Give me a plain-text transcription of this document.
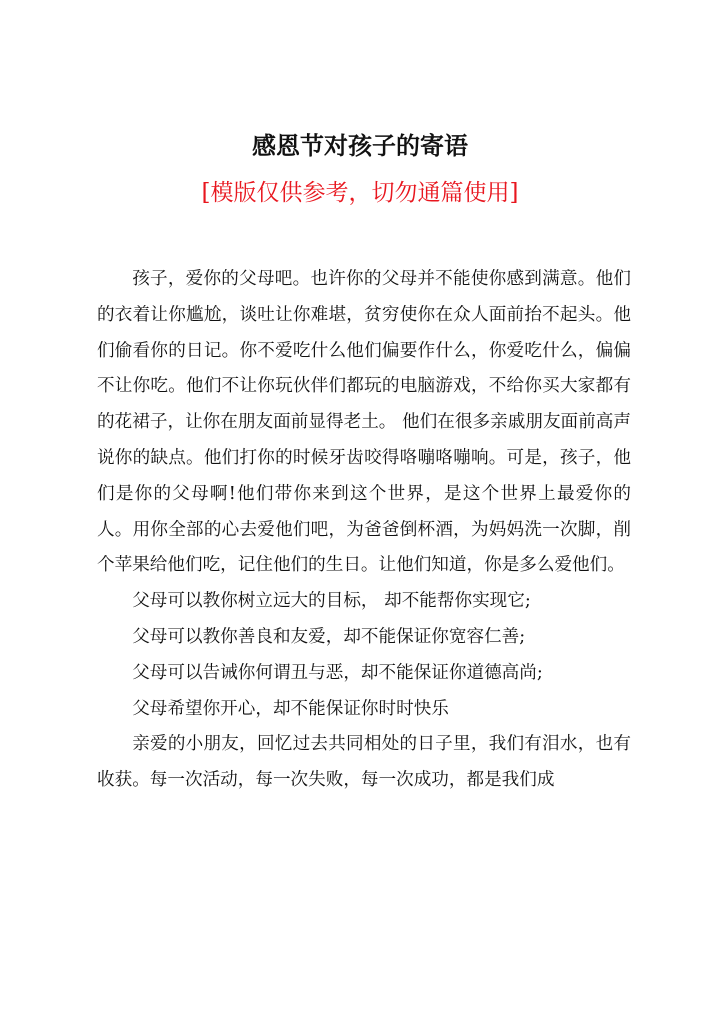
感恩节对孩子的寄语

[模版仅供参考，切勿通篇使用]

孩子，爱你的父母吧。也许你的父母并不能使你感到满意。他们的衣着让你尴尬，谈吐让你难堪，贫穷使你在众人面前抬不起头。他们偷看你的日记。你不爱吃什么他们偏要作什么，你爱吃什么，偏偏不让你吃。他们不让你玩伙伴们都玩的电脑游戏，不给你买大家都有的花裙子，让你在朋友面前显得老土。 他们在很多亲戚朋友面前高声说你的缺点。他们打你的时候牙齿咬得咯嘣咯嘣响。可是，孩子，他们是你的父母啊!他们带你来到这个世界，是这个世界上最爱你的人。用你全部的心去爱他们吧，为爸爸倒杯酒，为妈妈洗一次脚，削个苹果给他们吃，记住他们的生日。让他们知道，你是多么爱他们。

父母可以教你树立远大的目标， 却不能帮你实现它;

父母可以教你善良和友爱，却不能保证你宽容仁善;

父母可以告诫你何谓丑与恶，却不能保证你道德高尚;

父母希望你开心，却不能保证你时时快乐

亲爱的小朋友，回忆过去共同相处的日子里，我们有泪水，也有收获。每一次活动，每一次失败，每一次成功，都是我们成
